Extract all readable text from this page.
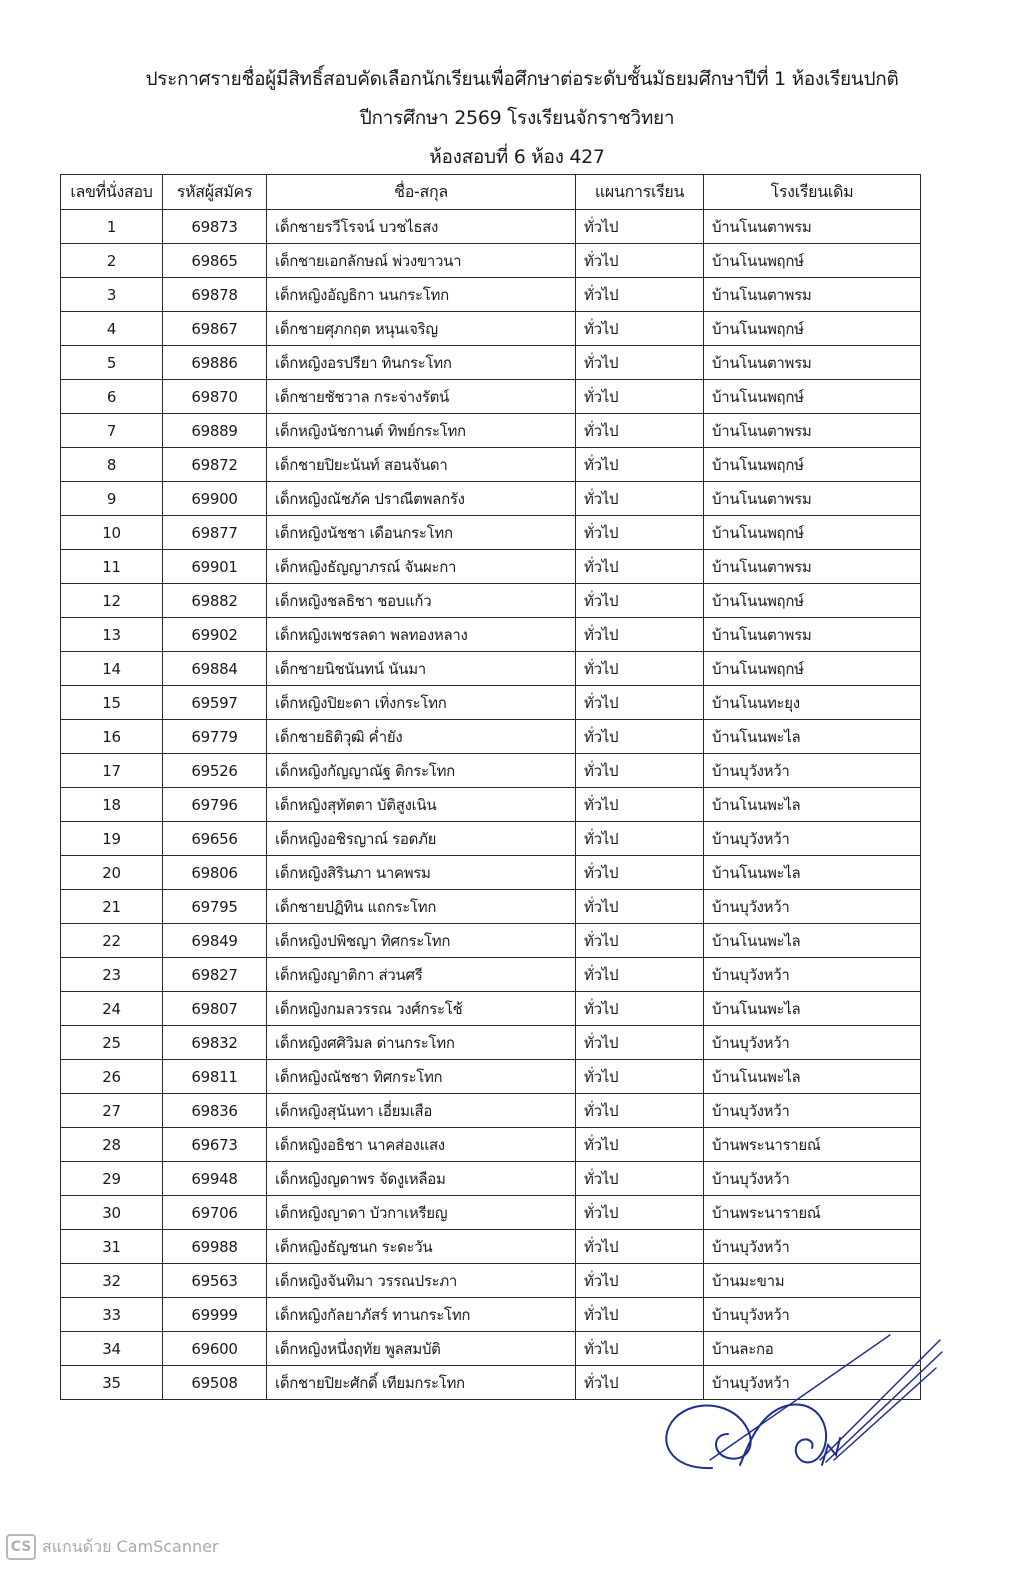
ประกาศรายชื่อผู้มีสิทธิ์สอบคัดเลือกนักเรียนเพื่อศึกษาต่อระดับชั้นมัธยมศึกษาปีที่ 1 ห้องเรียนปกติ
ปีการศึกษา 2569 โรงเรียนจักราชวิทยา
ห้องสอบที่ 6 ห้อง 427
เลขที่นั่งสอบ	รหัสผู้สมัคร	ชื่อ-สกุล	แผนการเรียน	โรงเรียนเดิม
1	69873	เด็กชายรวีโรจน์ บวชไธสง	ทั่วไป	บ้านโนนตาพรม
2	69865	เด็กชายเอกลักษณ์ พ่วงขาวนา	ทั่วไป	บ้านโนนพฤกษ์
3	69878	เด็กหญิงอัญธิกา นนกระโทก	ทั่วไป	บ้านโนนตาพรม
4	69867	เด็กชายศุภกฤต หนุนเจริญ	ทั่วไป	บ้านโนนพฤกษ์
5	69886	เด็กหญิงอรปรียา ทินกระโทก	ทั่วไป	บ้านโนนตาพรม
6	69870	เด็กชายชัชวาล กระจ่างรัตน์	ทั่วไป	บ้านโนนพฤกษ์
7	69889	เด็กหญิงนัชกานต์ ทิพย์กระโทก	ทั่วไป	บ้านโนนตาพรม
8	69872	เด็กชายปิยะนันท์ สอนจันดา	ทั่วไป	บ้านโนนพฤกษ์
9	69900	เด็กหญิงณัชภัค ปราณีตพลกรัง	ทั่วไป	บ้านโนนตาพรม
10	69877	เด็กหญิงนัชชา เดือนกระโทก	ทั่วไป	บ้านโนนพฤกษ์
11	69901	เด็กหญิงธัญญาภรณ์ จันผะกา	ทั่วไป	บ้านโนนตาพรม
12	69882	เด็กหญิงชลธิชา ชอบแก้ว	ทั่วไป	บ้านโนนพฤกษ์
13	69902	เด็กหญิงเพชรลดา พลทองหลาง	ทั่วไป	บ้านโนนตาพรม
14	69884	เด็กชายนิชนันทน์ นันมา	ทั่วไป	บ้านโนนพฤกษ์
15	69597	เด็กหญิงปิยะดา เทิ่งกระโทก	ทั่วไป	บ้านโนนทะยุง
16	69779	เด็กชายธิติวุฒิ ค่ำยัง	ทั่วไป	บ้านโนนพะไล
17	69526	เด็กหญิงกัญญาณัฐ ติกระโทก	ทั่วไป	บ้านบุวังหว้า
18	69796	เด็กหญิงสุทัตตา บัติสูงเนิน	ทั่วไป	บ้านโนนพะไล
19	69656	เด็กหญิงอชิรญาณ์ รอดภัย	ทั่วไป	บ้านบุวังหว้า
20	69806	เด็กหญิงสิรินภา นาคพรม	ทั่วไป	บ้านโนนพะไล
21	69795	เด็กชายปฏิทิน แถกระโทก	ทั่วไป	บ้านบุวังหว้า
22	69849	เด็กหญิงปพิชญา ทิศกระโทก	ทั่วไป	บ้านโนนพะไล
23	69827	เด็กหญิงญาติกา ส่วนศรี	ทั่วไป	บ้านบุวังหว้า
24	69807	เด็กหญิงกมลวรรณ วงศ์กระโช้	ทั่วไป	บ้านโนนพะไล
25	69832	เด็กหญิงศศิวิมล ด่านกระโทก	ทั่วไป	บ้านบุวังหว้า
26	69811	เด็กหญิงณัชชา ทิศกระโทก	ทั่วไป	บ้านโนนพะไล
27	69836	เด็กหญิงสุนันทา เอี่ยมเสือ	ทั่วไป	บ้านบุวังหว้า
28	69673	เด็กหญิงอธิชา นาคส่องแสง	ทั่วไป	บ้านพระนารายณ์
29	69948	เด็กหญิงญดาพร จัดงูเหลือม	ทั่วไป	บ้านบุวังหว้า
30	69706	เด็กหญิงญาดา บัวกาเหรียญ	ทั่วไป	บ้านพระนารายณ์
31	69988	เด็กหญิงธัญชนก ระดะวัน	ทั่วไป	บ้านบุวังหว้า
32	69563	เด็กหญิงจันทิมา วรรณประภา	ทั่วไป	บ้านมะขาม
33	69999	เด็กหญิงกัลยาภัสร์ ทานกระโทก	ทั่วไป	บ้านบุวังหว้า
34	69600	เด็กหญิงหนึ่งฤทัย พูลสมบัติ	ทั่วไป	บ้านละกอ
35	69508	เด็กชายปิยะศักดิ์ เทียมกระโทก	ทั่วไป	บ้านบุวังหว้า
CS สแกนด้วย CamScanner
